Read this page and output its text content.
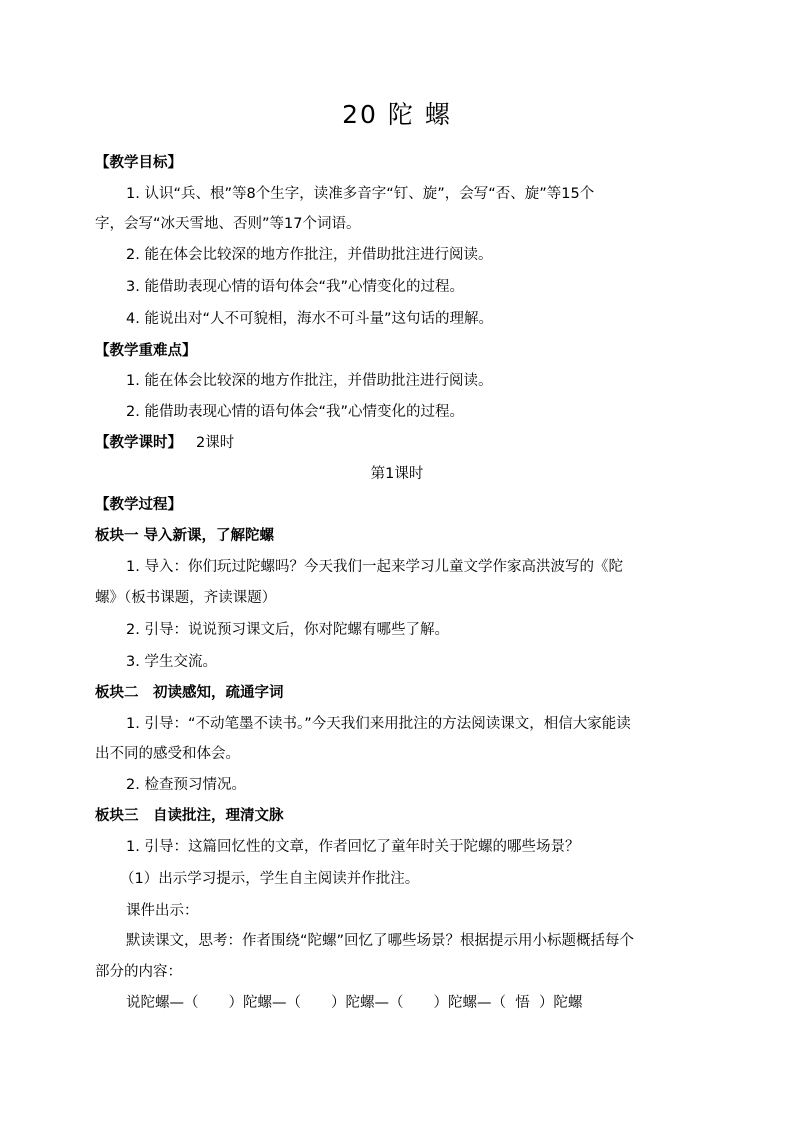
20 陀 螺
【教学目标】
1. 认识“兵、根”等8个生字，读准多音字“钉、旋”，会写“否、旋”等15个
字，会写“冰天雪地、否则”等17个词语。
2. 能在体会比较深的地方作批注，并借助批注进行阅读。
3. 能借助表现心情的语句体会“我”心情变化的过程。
4. 能说出对“人不可貌相，海水不可斗量”这句话的理解。
【教学重难点】
1. 能在体会比较深的地方作批注，并借助批注进行阅读。
2. 能借助表现心情的语句体会“我”心情变化的过程。
【教学课时】 2课时
第1课时
【教学过程】
板块一 导入新课，了解陀螺
1. 导入：你们玩过陀螺吗？今天我们一起来学习儿童文学作家高洪波写的《陀
螺》（板书课题，齐读课题）
2. 引导：说说预习课文后，你对陀螺有哪些了解。
3. 学生交流。
板块二　初读感知，疏通字词
1. 引导：“不动笔墨不读书。”今天我们来用批注的方法阅读课文，相信大家能读
出不同的感受和体会。
2. 检查预习情况。
板块三　自读批注，理清文脉
1. 引导：这篇回忆性的文章，作者回忆了童年时关于陀螺的哪些场景？
（1）出示学习提示，学生自主阅读并作批注。
课件出示：
默读课文，思考：作者围绕“陀螺”回忆了哪些场景？根据提示用小标题概括每个
部分的内容：
说陀螺—（ ）陀螺—（ ）陀螺—（ ）陀螺—（ 悟 ）陀螺
